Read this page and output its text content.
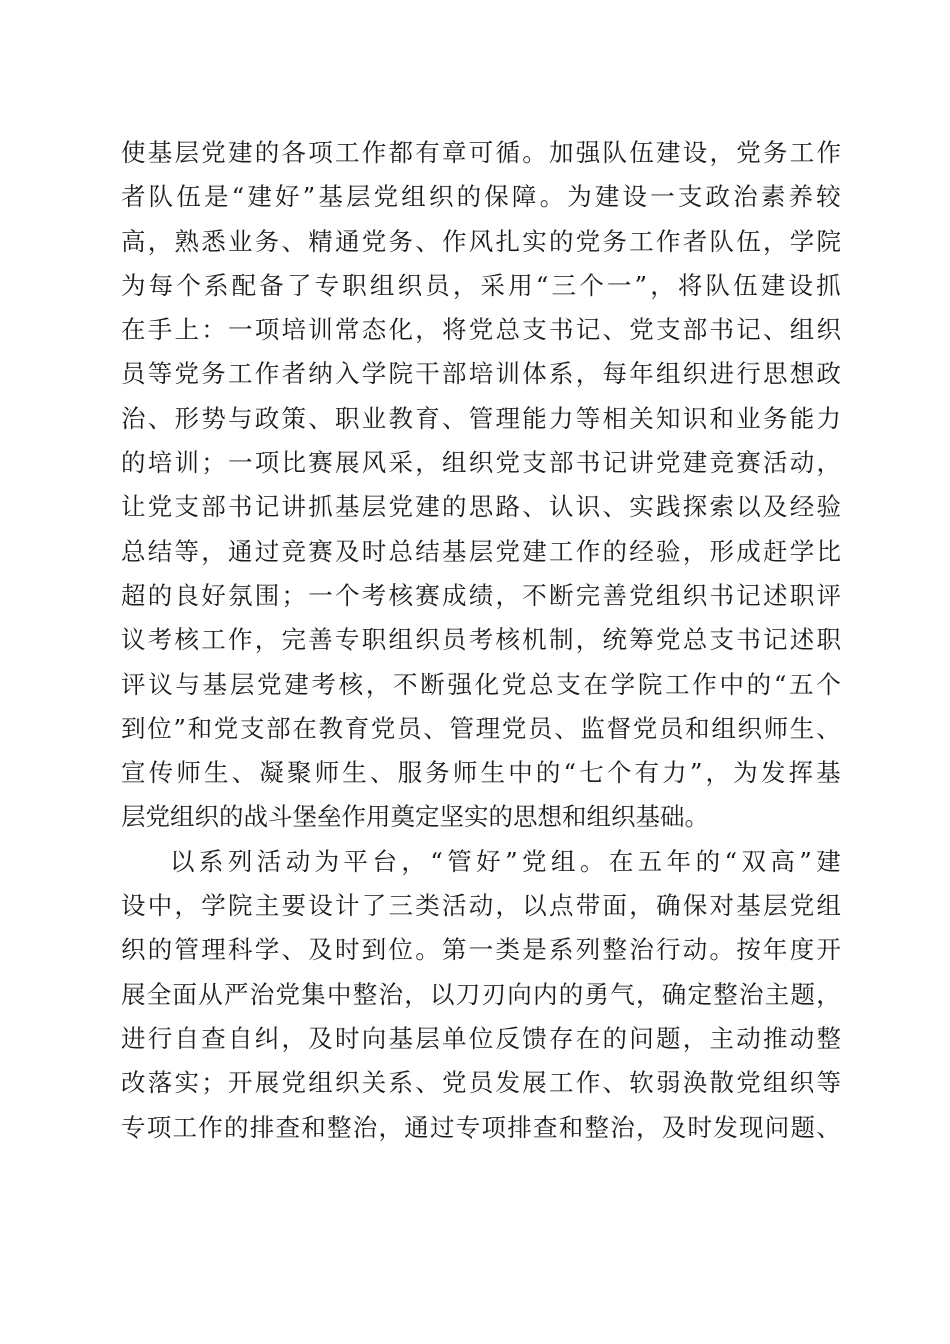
使 基 层 党 建 的 各 项 工 作 都 有 章 可 循 。 加 强 队 伍 建 设 ， 党 务 工 作
者 队 伍 是 “ 建 好 ” 基 层 党 组 织 的 保 障 。 为 建 设 一 支 政 治 素 养 较
高 ， 熟 悉 业 务 、 精 通 党 务 、 作 风 扎 实 的 党 务 工 作 者 队 伍 ， 学 院
为 每 个 系 配 备 了 专 职 组 织 员 ， 采 用 “ 三 个 一 ” ， 将 队 伍 建 设 抓
在 手 上 ： 一 项 培 训 常 态 化 ， 将 党 总 支 书 记 、 党 支 部 书 记 、 组 织
员 等 党 务 工 作 者 纳 入 学 院 干 部 培 训 体 系 ， 每 年 组 织 进 行 思 想 政
治 、 形 势 与 政 策 、 职 业 教 育 、 管 理 能 力 等 相 关 知 识 和 业 务 能 力
的 培 训 ； 一 项 比 赛 展 风 采 ， 组 织 党 支 部 书 记 讲 党 建 竞 赛 活 动 ，
让 党 支 部 书 记 讲 抓 基 层 党 建 的 思 路 、 认 识 、 实 践 探 索 以 及 经 验
总 结 等 ， 通 过 竞 赛 及 时 总 结 基 层 党 建 工 作 的 经 验 ， 形 成 赶 学 比
超 的 良 好 氛 围 ； 一 个 考 核 赛 成 绩 ， 不 断 完 善 党 组 织 书 记 述 职 评
议 考 核 工 作 ， 完 善 专 职 组 织 员 考 核 机 制 ， 统 筹 党 总 支 书 记 述 职
评 议 与 基 层 党 建 考 核 ， 不 断 强 化 党 总 支 在 学 院 工 作 中 的 “ 五 个
到 位 ” 和 党 支 部 在 教 育 党 员 、 管 理 党 员 、 监 督 党 员 和 组 织 师 生 、
宣 传 师 生 、 凝 聚 师 生 、 服 务 师 生 中 的 “ 七 个 有 力 ” ， 为 发 挥 基
层党组织的战斗堡垒作用奠定坚实的思想和组织基础。
以 系 列 活 动 为 平 台 ， “ 管 好 ” 党 组 。 在 五 年 的 “ 双 高 ” 建
设 中 ， 学 院 主 要 设 计 了 三 类 活 动 ， 以 点 带 面 ， 确 保 对 基 层 党 组
织 的 管 理 科 学 、 及 时 到 位 。 第 一 类 是 系 列 整 治 行 动 。 按 年 度 开
展 全 面 从 严 治 党 集 中 整 治 ， 以 刀 刃 向 内 的 勇 气 ， 确 定 整 治 主 题 ，
进 行 自 查 自 纠 ， 及 时 向 基 层 单 位 反 馈 存 在 的 问 题 ， 主 动 推 动 整
改 落 实 ； 开 展 党 组 织 关 系 、 党 员 发 展 工 作 、 软 弱 涣 散 党 组 织 等
专 项 工 作 的 排 查 和 整 治 ， 通 过 专 项 排 查 和 整 治 ， 及 时 发 现 问 题 、
